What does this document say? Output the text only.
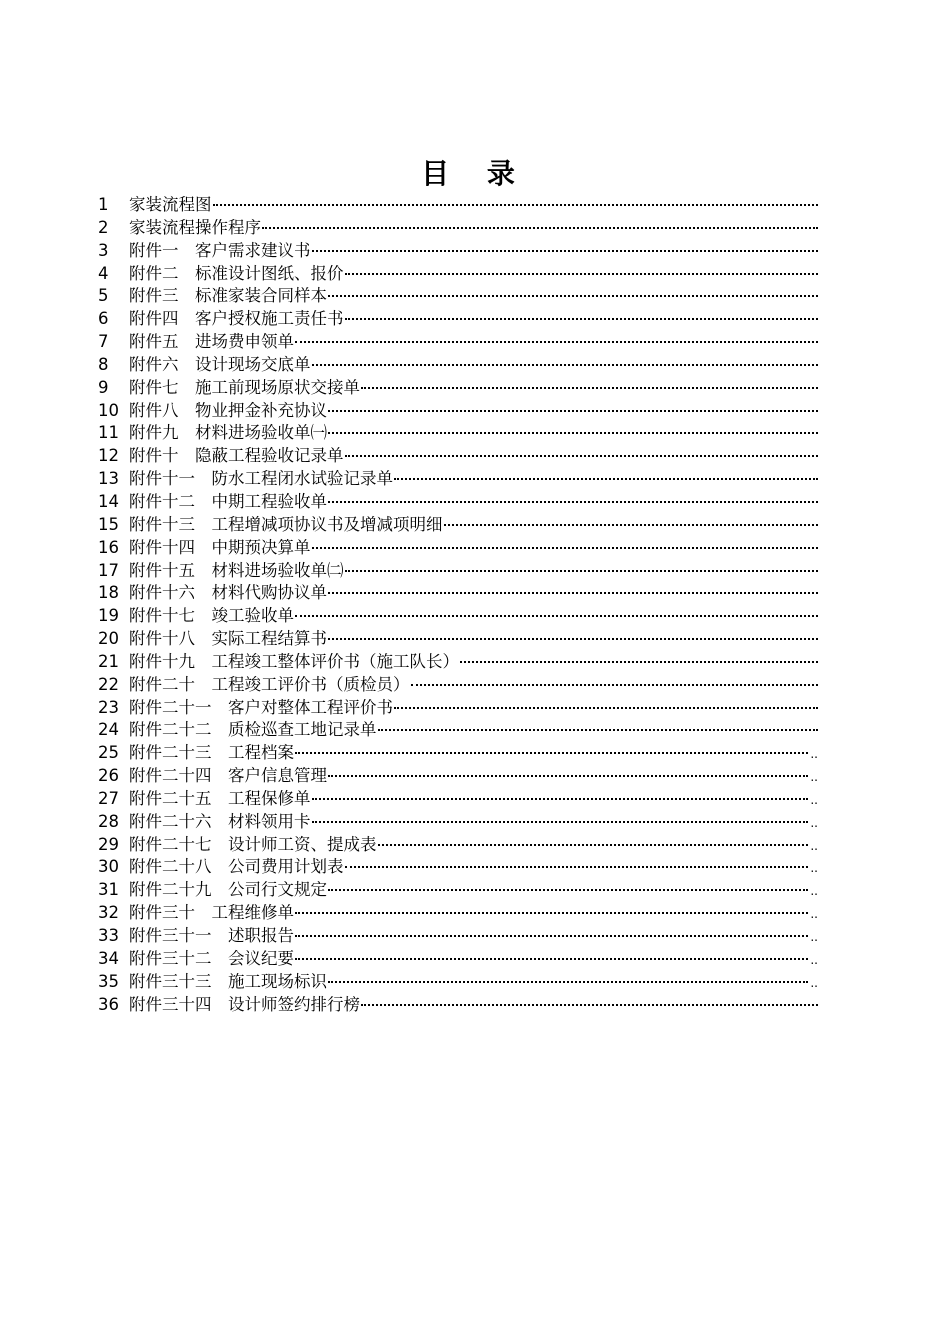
目 录
1	家装流程图
2	家装流程操作程序
3	附件一　客户需求建议书
4	附件二　标准设计图纸、报价
5	附件三　标准家装合同样本
6	附件四　客户授权施工责任书
7	附件五　进场费申领单
8	附件六　设计现场交底单
9	附件七　施工前现场原状交接单
10 附件八　物业押金补充协议
11 附件九　材料进场验收单㈠
12 附件十　隐蔽工程验收记录单
13 附件十一　防水工程闭水试验记录单
14 附件十二　中期工程验收单
15 附件十三　工程增减项协议书及增减项明细
16 附件十四　中期预决算单
17 附件十五　材料进场验收单㈡
18 附件十六　材料代购协议单
19 附件十七　竣工验收单
20 附件十八　实际工程结算书
21 附件十九　工程竣工整体评价书（施工队长）
22 附件二十　工程竣工评价书（质检员）
23 附件二十一　客户对整体工程评价书
24 附件二十二　质检巡查工地记录单
25 附件二十三　工程档案	..
26 附件二十四　客户信息管理	..
27 附件二十五　工程保修单	..
28 附件二十六　材料领用卡	..
29 附件二十七　设计师工资、提成表	..
30 附件二十八　公司费用计划表	..
31 附件二十九　公司行文规定	..
32 附件三十　工程维修单	..
33 附件三十一　述职报告	..
34 附件三十二　会议纪要	..
35 附件三十三　施工现场标识	..
36 附件三十四　设计师签约排行榜
